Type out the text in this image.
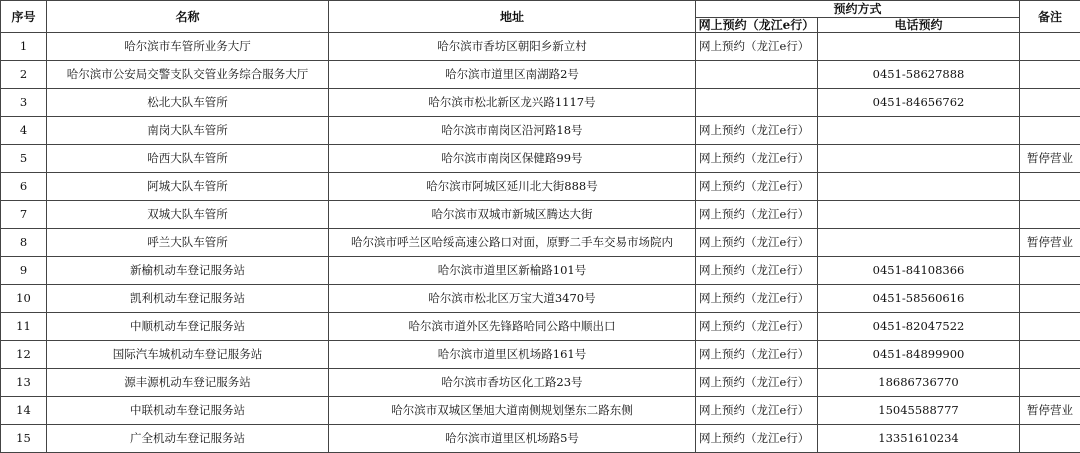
序号	名称	地址	预约方式		备注
			网上预约（龙江e行）	电话预约	
1	哈尔滨市车管所业务大厅	哈尔滨市香坊区朝阳乡新立村	网上预约（龙江e行）		
2	哈尔滨市公安局交警支队交管业务综合服务大厅	哈尔滨市道里区南湖路2号		0451-58627888	
3	松北大队车管所	哈尔滨市松北新区龙兴路1117号		0451-84656762	
4	南岗大队车管所	哈尔滨市南岗区沿河路18号	网上预约（龙江e行）		
5	哈西大队车管所	哈尔滨市南岗区保健路99号	网上预约（龙江e行）		暂停营业
6	阿城大队车管所	哈尔滨市阿城区延川北大街888号	网上预约（龙江e行）		
7	双城大队车管所	哈尔滨市双城市新城区腾达大街	网上预约（龙江e行）		
8	呼兰大队车管所	哈尔滨市呼兰区哈绥高速公路口对面，原野二手车交易市场院内	网上预约（龙江e行）		暂停营业
9	新榆机动车登记服务站	哈尔滨市道里区新榆路101号	网上预约（龙江e行）	0451-84108366	
10	凯利机动车登记服务站	哈尔滨市松北区万宝大道3470号	网上预约（龙江e行）	0451-58560616	
11	中顺机动车登记服务站	哈尔滨市道外区先锋路哈同公路中顺出口	网上预约（龙江e行）	0451-82047522	
12	国际汽车城机动车登记服务站	哈尔滨市道里区机场路161号	网上预约（龙江e行）	0451-84899900	
13	源丰源机动车登记服务站	哈尔滨市香坊区化工路23号	网上预约（龙江e行）	18686736770	
14	中联机动车登记服务站	哈尔滨市双城区堡旭大道南侧规划堡东二路东侧	网上预约（龙江e行）	15045588777	暂停营业
15	广全机动车登记服务站	哈尔滨市道里区机场路5号	网上预约（龙江e行）	13351610234	
